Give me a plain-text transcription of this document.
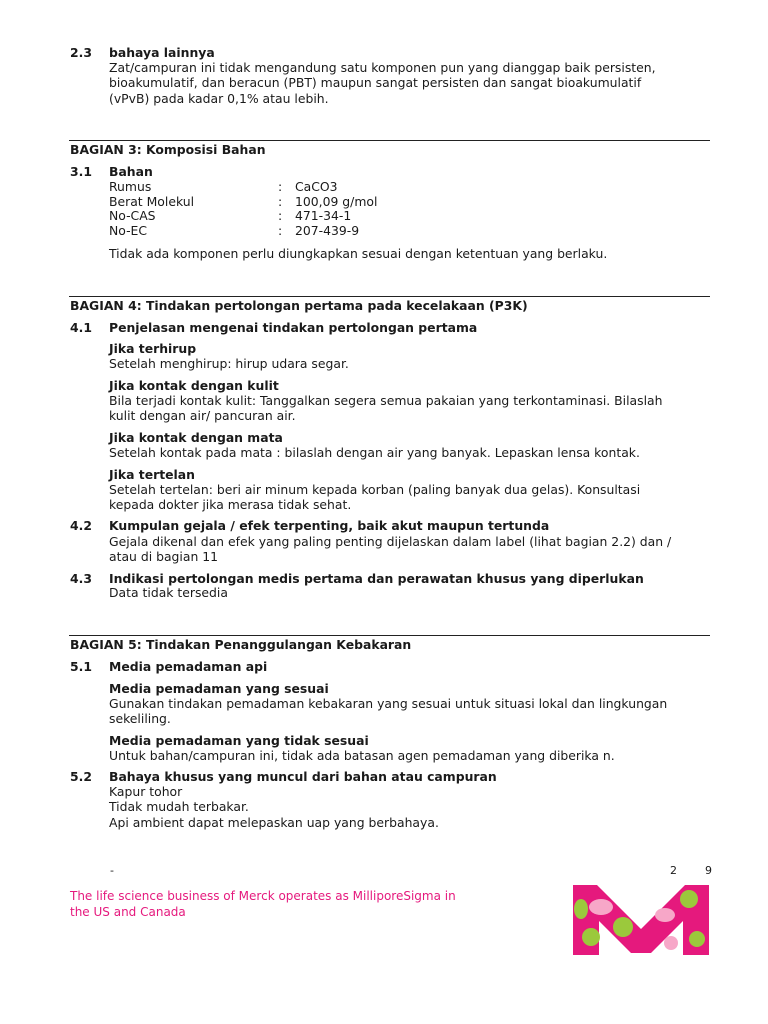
2.3 bahaya lainnya
Zat/campuran ini tidak mengandung satu komponen pun yang dianggap baik persisten,
bioakumulatif, dan beracun (PBT) maupun sangat persisten dan sangat bioakumulatif
(vPvB) pada kadar 0,1% atau lebih.
BAGIAN 3: Komposisi Bahan
3.1 Bahan
Rumus	: CaCO3
Berat Molekul	: 100,09 g/mol
No-CAS	: 471-34-1
No-EC	: 207-439-9
Tidak ada komponen perlu diungkapkan sesuai dengan ketentuan yang berlaku.
BAGIAN 4: Tindakan pertolongan pertama pada kecelakaan (P3K)
4.1 Penjelasan mengenai tindakan pertolongan pertama
Jika terhirup
Setelah menghirup: hirup udara segar.
Jika kontak dengan kulit
Bila terjadi kontak kulit: Tanggalkan segera semua pakaian yang terkontaminasi. Bilaslah
kulit dengan air/ pancuran air.
Jika kontak dengan mata
Setelah kontak pada mata : bilaslah dengan air yang banyak. Lepaskan lensa kontak.
Jika tertelan
Setelah tertelan: beri air minum kepada korban (paling banyak dua gelas). Konsultasi
kepada dokter jika merasa tidak sehat.
4.2 Kumpulan gejala / efek terpenting, baik akut maupun tertunda
Gejala dikenal dan efek yang paling penting dijelaskan dalam label (lihat bagian 2.2) dan /
atau di bagian 11
4.3 Indikasi pertolongan medis pertama dan perawatan khusus yang diperlukan
Data tidak tersedia
BAGIAN 5: Tindakan Penanggulangan Kebakaran
5.1 Media pemadaman api
Media pemadaman yang sesuai
Gunakan tindakan pemadaman kebakaran yang sesuai untuk situasi lokal dan lingkungan
sekeliling.
Media pemadaman yang tidak sesuai
Untuk bahan/campuran ini, tidak ada batasan agen pemadaman yang diberika n.
5.2 Bahaya khusus yang muncul dari bahan atau campuran
Kapur tohor
Tidak mudah terbakar.
Api ambient dapat melepaskan uap yang berbahaya.
-	2	9
The life science business of Merck operates as MilliporeSigma in
the US and Canada
